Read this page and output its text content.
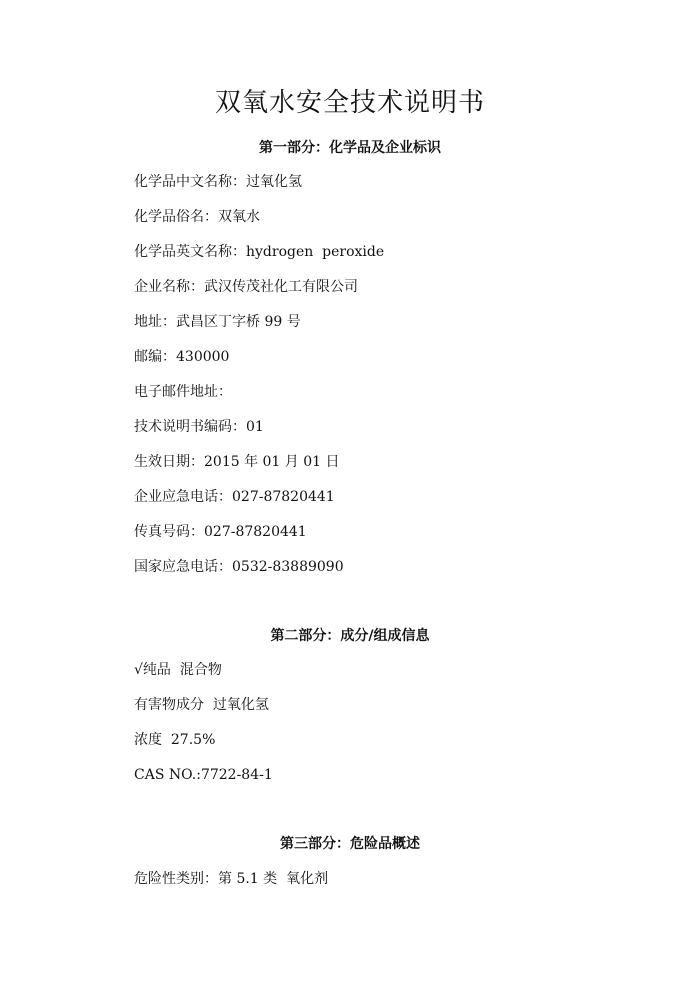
双氧水安全技术说明书
第一部分：化学品及企业标识
化学品中文名称：过氧化氢
化学品俗名：双氧水
化学品英文名称：hydrogen  peroxide
企业名称：武汉传茂社化工有限公司
地址：武昌区丁字桥 99 号
邮编：430000
电子邮件地址：
技术说明书编码：01
生效日期：2015 年 01 月 01 日
企业应急电话：027-87820441
传真号码：027-87820441
国家应急电话：0532-83889090
第二部分：成分/组成信息
√纯品  混合物
有害物成分  过氧化氢
浓度  27.5%
CAS NO.:7722-84-1
第三部分：危险品概述
危险性类别：第 5.1 类  氧化剂
